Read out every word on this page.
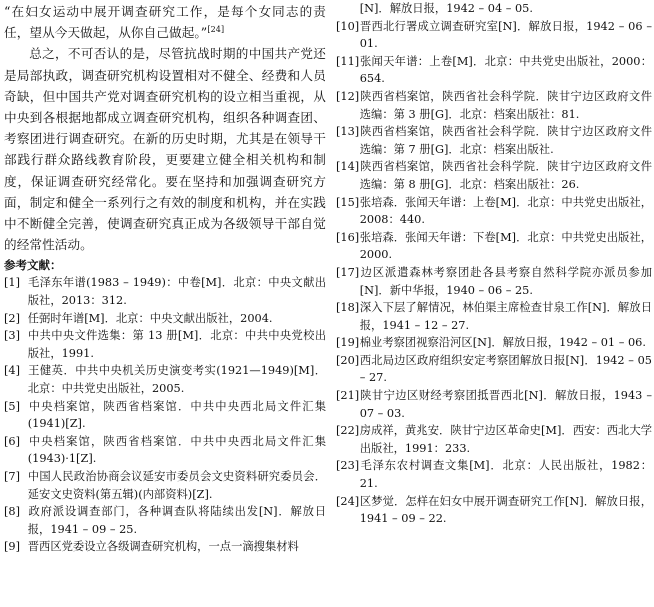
“在妇女运动中展开调查研究工作，是每个女同志的责任，望从今天做起，从你自己做起。”[24]

总之，不可否认的是，尽管抗战时期的中国共产党还是局部执政，调查研究机构设置相对不健全、经费和人员奇缺，但中国共产党对调查研究机构的设立相当重视，从中央到各根据地都成立调查研究机构，组织各种调查团、考察团进行调查研究。在新的历史时期，尤其是在领导干部践行群众路线教育阶段，更要建立健全相关机构和制度，保证调查研究经常化。要在坚持和加强调查研究方面，制定和健全一系列行之有效的制度和机构，并在实践中不断健全完善，使调查研究真正成为各级领导干部自觉的经常性活动。

参考文献：

[1] 毛泽东年谱(1983 – 1949)：中卷[M]．北京：中央文献出版社，2013：312.

[2] 任弼时年谱[M]．北京：中央文献出版社，2004.

[3] 中共中央文件选集：第 13 册[M]．北京：中共中央党校出版社，1991.

[4] 王健英．中共中央机关历史演变考实(1921—1949)[M]．北京：中共党史出版社，2005.

[5] 中央档案馆，陕西省档案馆．中共中央西北局文件汇集(1941)[Z].

[6] 中央档案馆，陕西省档案馆．中共中央西北局文件汇集(1943)·1[Z].

[7] 中国人民政治协商会议延安市委员会文史资料研究委员会．延安文史资料(第五辑)(内部资料)[Z].

[8] 政府派设调查部门，各种调查队将陆续出发[N]．解放日报，1941 – 09 – 25.

[9] 晋西区党委设立各级调查研究机构，一点一滴搜集材料

[N]．解放日报，1942 – 04 – 05.

[10]晋西北行署成立调查研究室[N]．解放日报，1942 – 06 – 01.

[11]张闻天年谱：上卷[M]．北京：中共党史出版社，2000：654.

[12]陕西省档案馆，陕西省社会科学院．陕甘宁边区政府文件选编：第 3 册[G]．北京：档案出版社：81.

[13]陕西省档案馆，陕西省社会科学院．陕甘宁边区政府文件选编：第 7 册[G]．北京：档案出版社.

[14]陕西省档案馆，陕西省社会科学院．陕甘宁边区政府文件选编：第 8 册[G]．北京：档案出版社：26.

[15]张培森．张闻天年谱：上卷[M]．北京：中共党史出版社，2008：440.

[16]张培森．张闻天年谱：下卷[M]．北京：中共党史出版社，2000.

[17]边区派遣森林考察团赴各县考察自然科学院亦派员参加[N]．新中华报，1940 – 06 – 25.

[18]深入下层了解情况，林伯渠主席检查甘泉工作[N]．解放日报，1941 – 12 – 27.

[19]棉业考察团视察沿河区[N]．解放日报，1942 – 01 – 06.

[20]西北局边区政府组织安定考察团解放日报[N]．1942 – 05 – 27.

[21]陕甘宁边区财经考察团抵晋西北[N]．解放日报，1943 – 07 – 03.

[22]房成祥，黄兆安．陕甘宁边区革命史[M]．西安：西北大学出版社，1991：233.

[23]毛泽东农村调查文集[M]．北京：人民出版社，1982：21.

[24]区梦觉．怎样在妇女中展开调查研究工作[N]．解放日报，1941 – 09 – 22.
